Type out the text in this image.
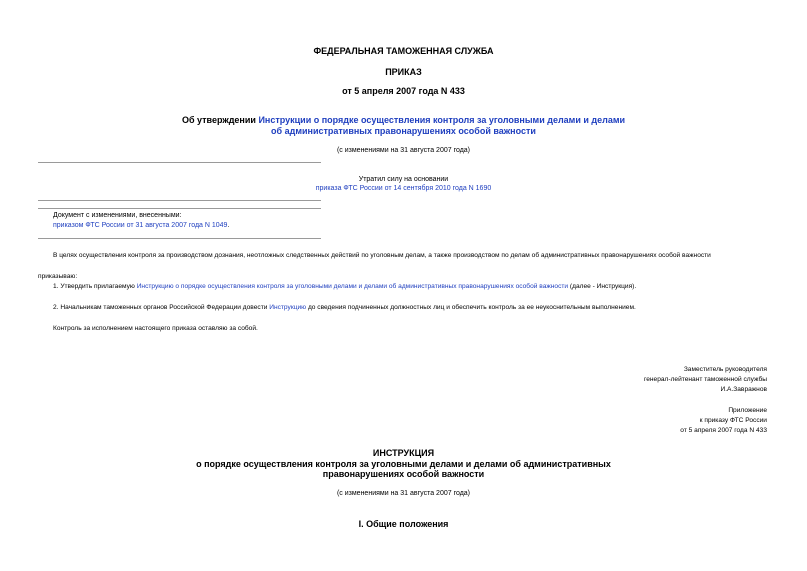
ФЕДЕРАЛЬНАЯ ТАМОЖЕННАЯ СЛУЖБА
ПРИКАЗ
от 5 апреля 2007 года N 433
Об утверждении Инструкции о порядке осуществления контроля за уголовными делами и делами
об административных правонарушениях особой важности
(с изменениями на 31 августа 2007 года)
Утратил силу на основании
приказа ФТС России от 14 сентября 2010 года N 1690
Документ с изменениями, внесенными:
приказом ФТС России от 31 августа 2007 года N 1049.
В целях осуществления контроля за производством дознания, неотложных следственных действий по уголовным делам, а также производством по делам об административных правонарушениях особой важности
приказываю:
1. Утвердить прилагаемую Инструкцию о порядке осуществления контроля за уголовными делами и делами об административных правонарушениях особой важности (далее - Инструкция).
2. Начальникам таможенных органов Российской Федерации довести Инструкцию до сведения подчиненных должностных лиц и обеспечить контроль за ее неукоснительным выполнением.
Контроль за исполнением настоящего приказа оставляю за собой.
Заместитель руководителя
генерал-лейтенант таможенной службы
И.А.Завражнов
Приложение
к приказу ФТС России
от 5 апреля 2007 года N 433
ИНСТРУКЦИЯ
о порядке осуществления контроля за уголовными делами и делами об административных
правонарушениях особой важности
(с изменениями на 31 августа 2007 года)
I. Общие положения
